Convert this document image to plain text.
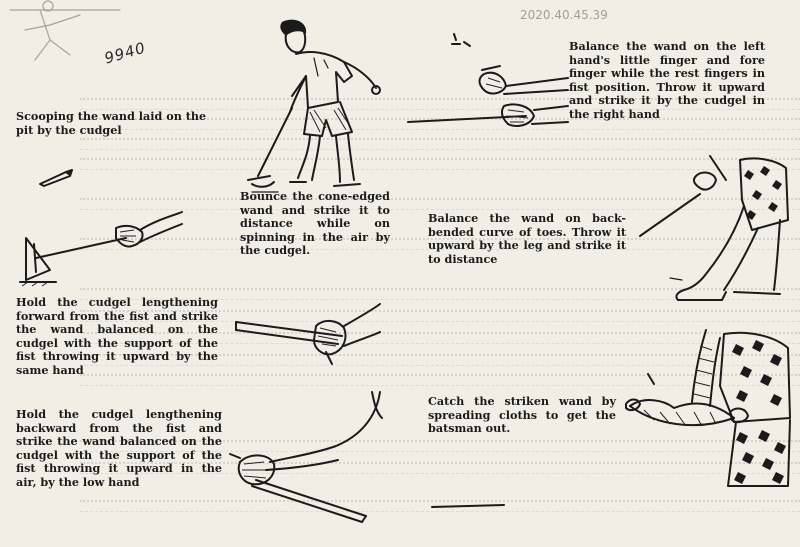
2020.40.45.39
9940
Scooping the wand laid on the pit by the cudgel
Bounce the cone-edged wand and strike it to distance while on spinning in the air by the cudgel.
Balance the wand on the left hand's little finger and fore finger while the rest fingers in fist position. Throw it upward and strike it by the cudgel in the right hand
Balance the wand on back-bended curve of toes. Throw it upward by the leg and strike it to distance
Hold the cudgel lengthening forward from the fist and strike the wand balanced on the cudgel with the support of the fist throwing it upward by the same hand
Catch the striken wand by spreading cloths to get the batsman out.
Hold the cudgel lengthening backward from the fist and strike the wand balanced on the cudgel with the support of the fist throwing it upward in the air, by the low hand
